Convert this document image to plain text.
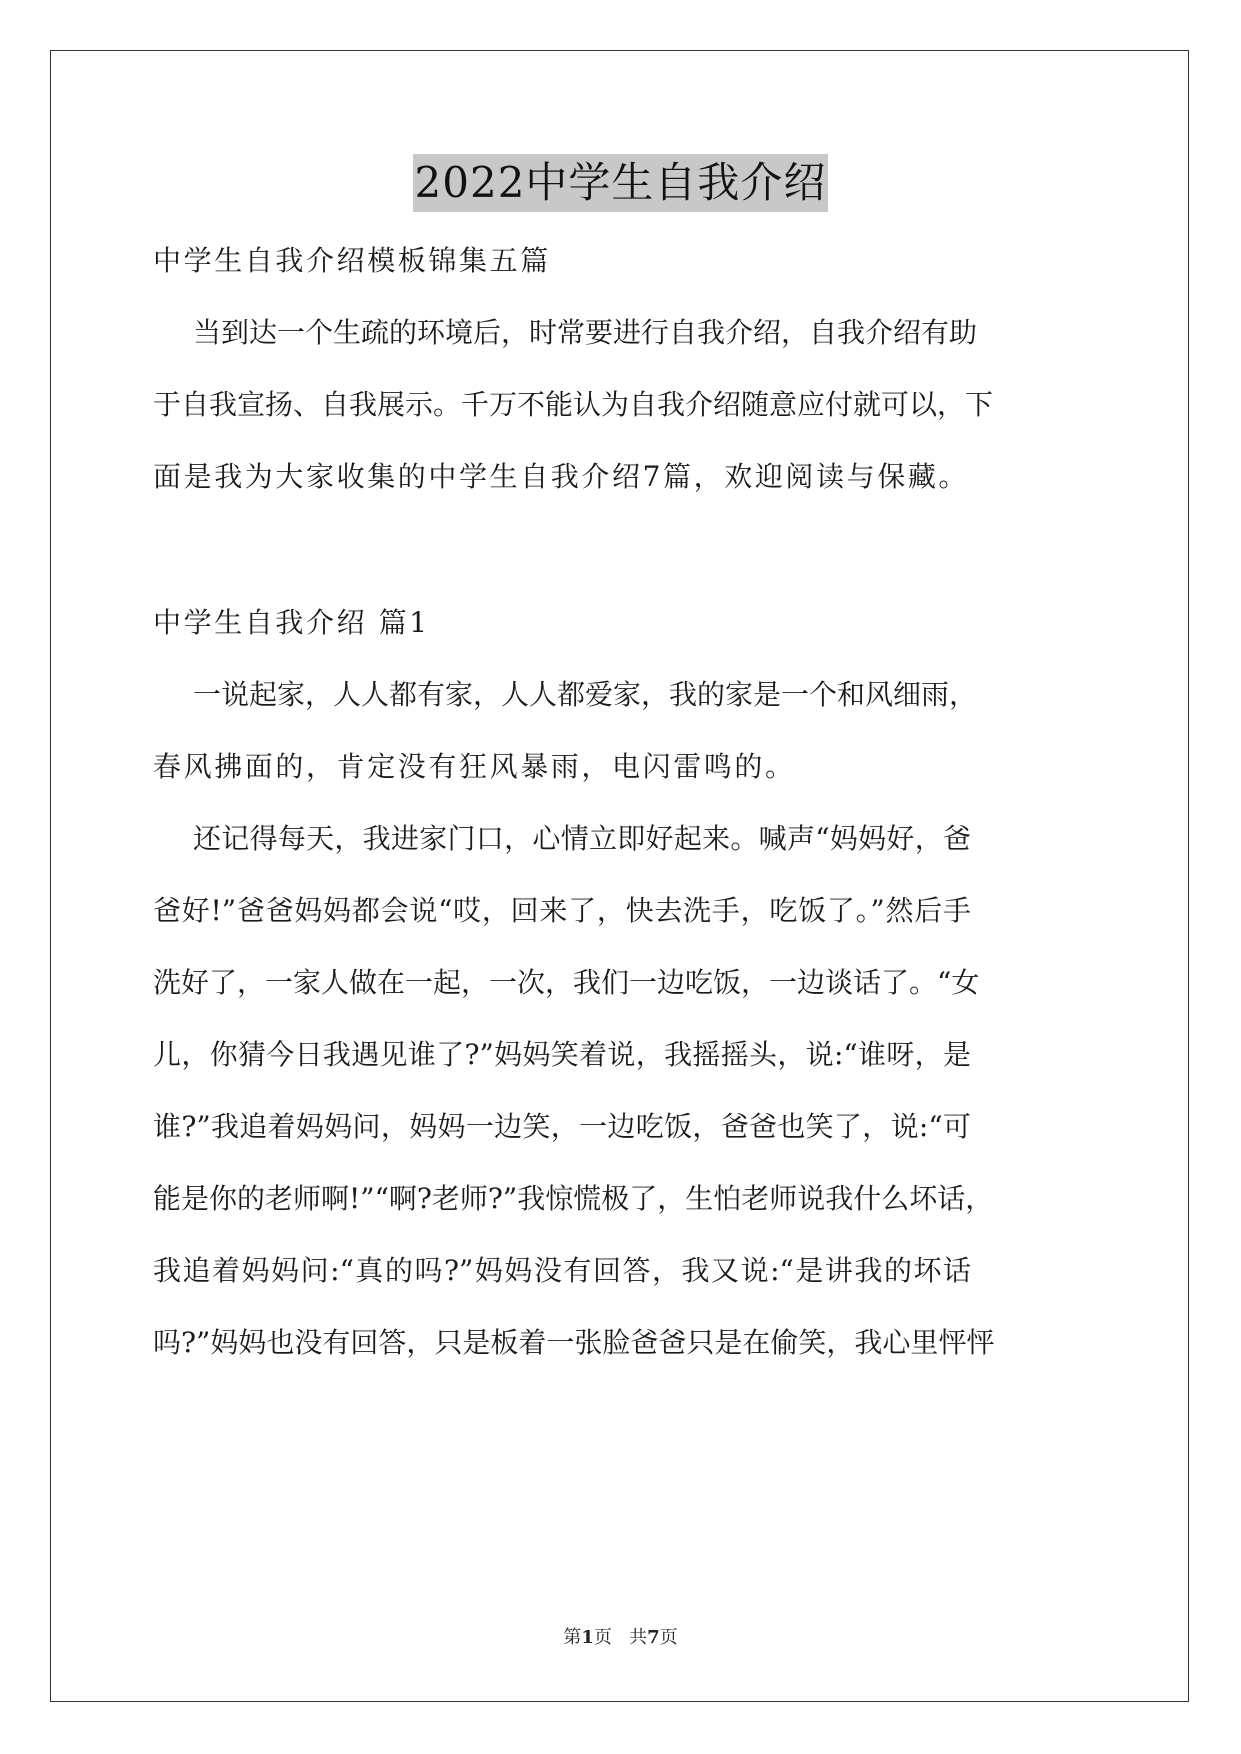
2022中学生自我介绍
中学生自我介绍模板锦集五篇
当到达一个生疏的环境后，时常要进行自我介绍，自我介绍有助
于自我宣扬、自我展示。千万不能认为自我介绍随意应付就可以，下
面是我为大家收集的中学生自我介绍7篇，欢迎阅读与保藏。
中学生自我介绍 篇1
一说起家，人人都有家，人人都爱家，我的家是一个和风细雨，
春风拂面的，肯定没有狂风暴雨，电闪雷鸣的。
还记得每天，我进家门口，心情立即好起来。喊声“妈妈好，爸
爸好!”爸爸妈妈都会说“哎，回来了，快去洗手，吃饭了。”然后手
洗好了，一家人做在一起，一次，我们一边吃饭，一边谈话了。“女
儿，你猜今日我遇见谁了?”妈妈笑着说，我摇摇头，说:“谁呀，是
谁?”我追着妈妈问，妈妈一边笑，一边吃饭，爸爸也笑了，说:“可
能是你的老师啊!”“啊?老师?”我惊慌极了，生怕老师说我什么坏话，
我追着妈妈问:“真的吗?”妈妈没有回答，我又说:“是讲我的坏话
吗?”妈妈也没有回答，只是板着一张脸爸爸只是在偷笑，我心里怦怦
第1页 共7页
